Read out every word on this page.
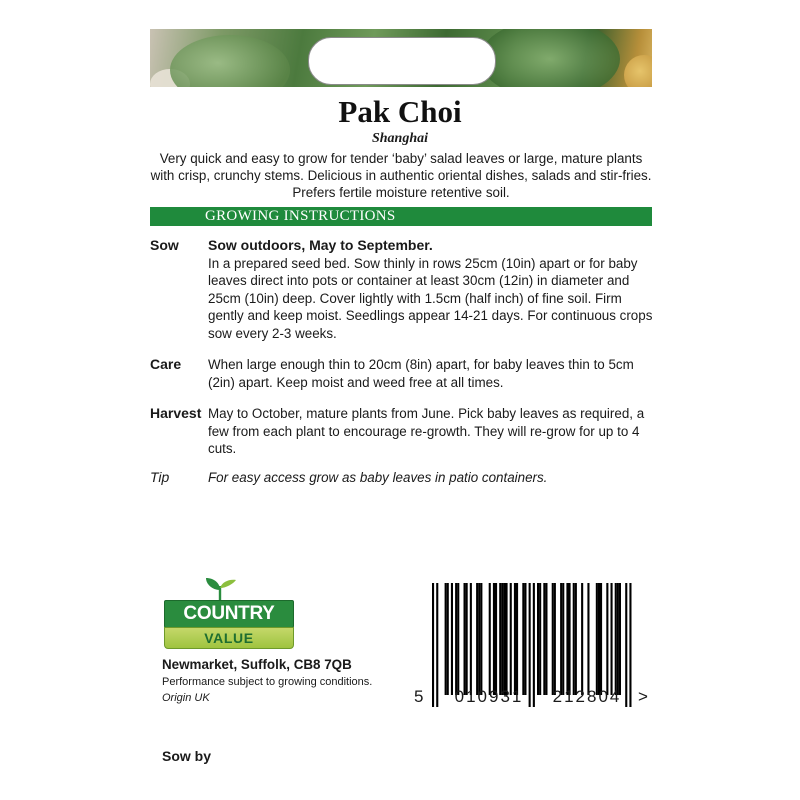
Pak Choi
Shanghai
Very quick and easy to grow for tender ‘baby’ salad leaves or large, mature plants with crisp, crunchy stems. Delicious in authentic oriental dishes, salads and stir-fries. Prefers fertile moisture retentive soil.
GROWING INSTRUCTIONS
Sow Sow outdoors, May to September.
In a prepared seed bed. Sow thinly in rows 25cm (10in) apart or for baby leaves direct into pots or container at least 30cm (12in) in diameter and 25cm (10in) deep. Cover lightly with 1.5cm (half inch) of fine soil. Firm gently and keep moist. Seedlings appear 14-21 days. For continuous crops sow every 2-3 weeks.
Care When large enough thin to 20cm (8in) apart, for baby leaves thin to 5cm (2in) apart. Keep moist and weed free at all times.
Harvest May to October, mature plants from June. Pick baby leaves as required, a few from each plant to encourage re-growth. They will re-grow for up to 4 cuts.
Tip	For easy access grow as baby leaves in patio containers.
COUNTRY
VALUE
Newmarket, Suffolk, CB8 7QB
Performance subject to growing conditions.
Origin UK
Sow by
5	010931	212804 >
